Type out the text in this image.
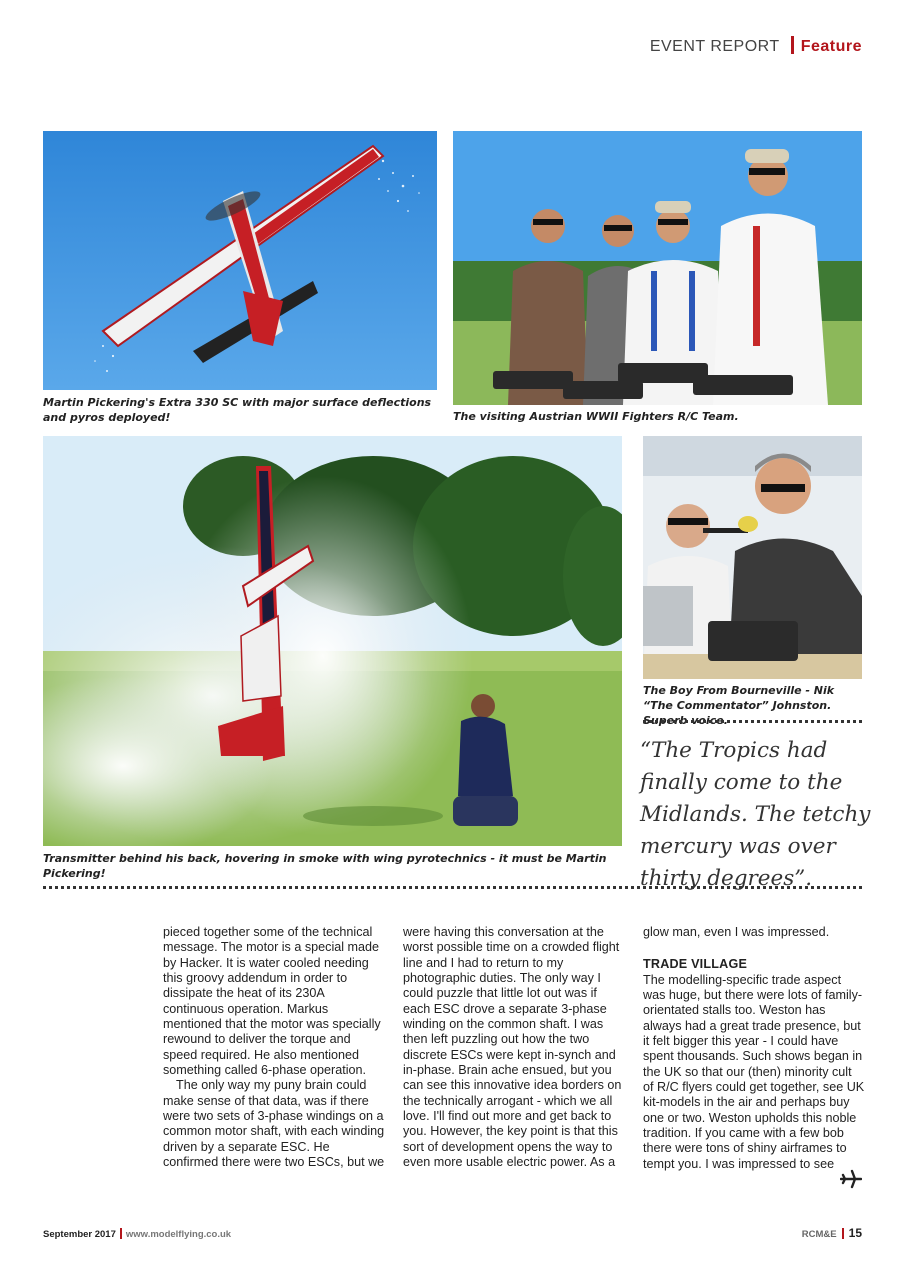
EVENT REPORT Feature
Martin Pickering's Extra 330 SC with major surface deflections and pyros deployed!	The visiting Austrian WWII Fighters R/C Team.
Transmitter behind his back, hovering in smoke with wing pyrotechnics - it must be Martin Pickering!
The Boy From Bourneville - Nik “The Commentator” Johnston. Superb voice.
“The Tropics had finally come to the Midlands. The tetchy mercury was over thirty degrees”.

pieced together some of the technical message. The motor is a special made by Hacker. It is water cooled needing this groovy addendum in order to dissipate the heat of its 230A continuous operation. Markus mentioned that the motor was specially rewound to deliver the torque and speed required. He also mentioned something called 6-phase operation.

The only way my puny brain could make sense of that data, was if there were two sets of 3-phase windings on a common motor shaft, with each winding driven by a separate ESC. He confirmed there were two ESCs, but we

were having this conversation at the worst possible time on a crowded flight line and I had to return to my photographic duties. The only way I could puzzle that little lot out was if each ESC drove a separate 3-phase winding on the common shaft. I was then left puzzling out how the two discrete ESCs were kept in-synch and in-phase. Brain ache ensued, but you can see this innovative idea borders on the technically arrogant - which we all love. I'll find out more and get back to you. However, the key point is that this sort of development opens the way to even more usable electric power. As a

glow man, even I was impressed.

TRADE VILLAGE

The modelling-specific trade aspect was huge, but there were lots of family-orientated stalls too. Weston has always had a great trade presence, but it felt bigger this year - I could have spent thousands. Such shows began in the UK so that our (then) minority cult of R/C flyers could get together, see UK kit-models in the air and perhaps buy one or two. Weston upholds this noble tradition. If you came with a few bob there were tons of shiny airframes to tempt you. I was impressed to see

September 2017 www.modelflying.co.uk	RCM&E 15
